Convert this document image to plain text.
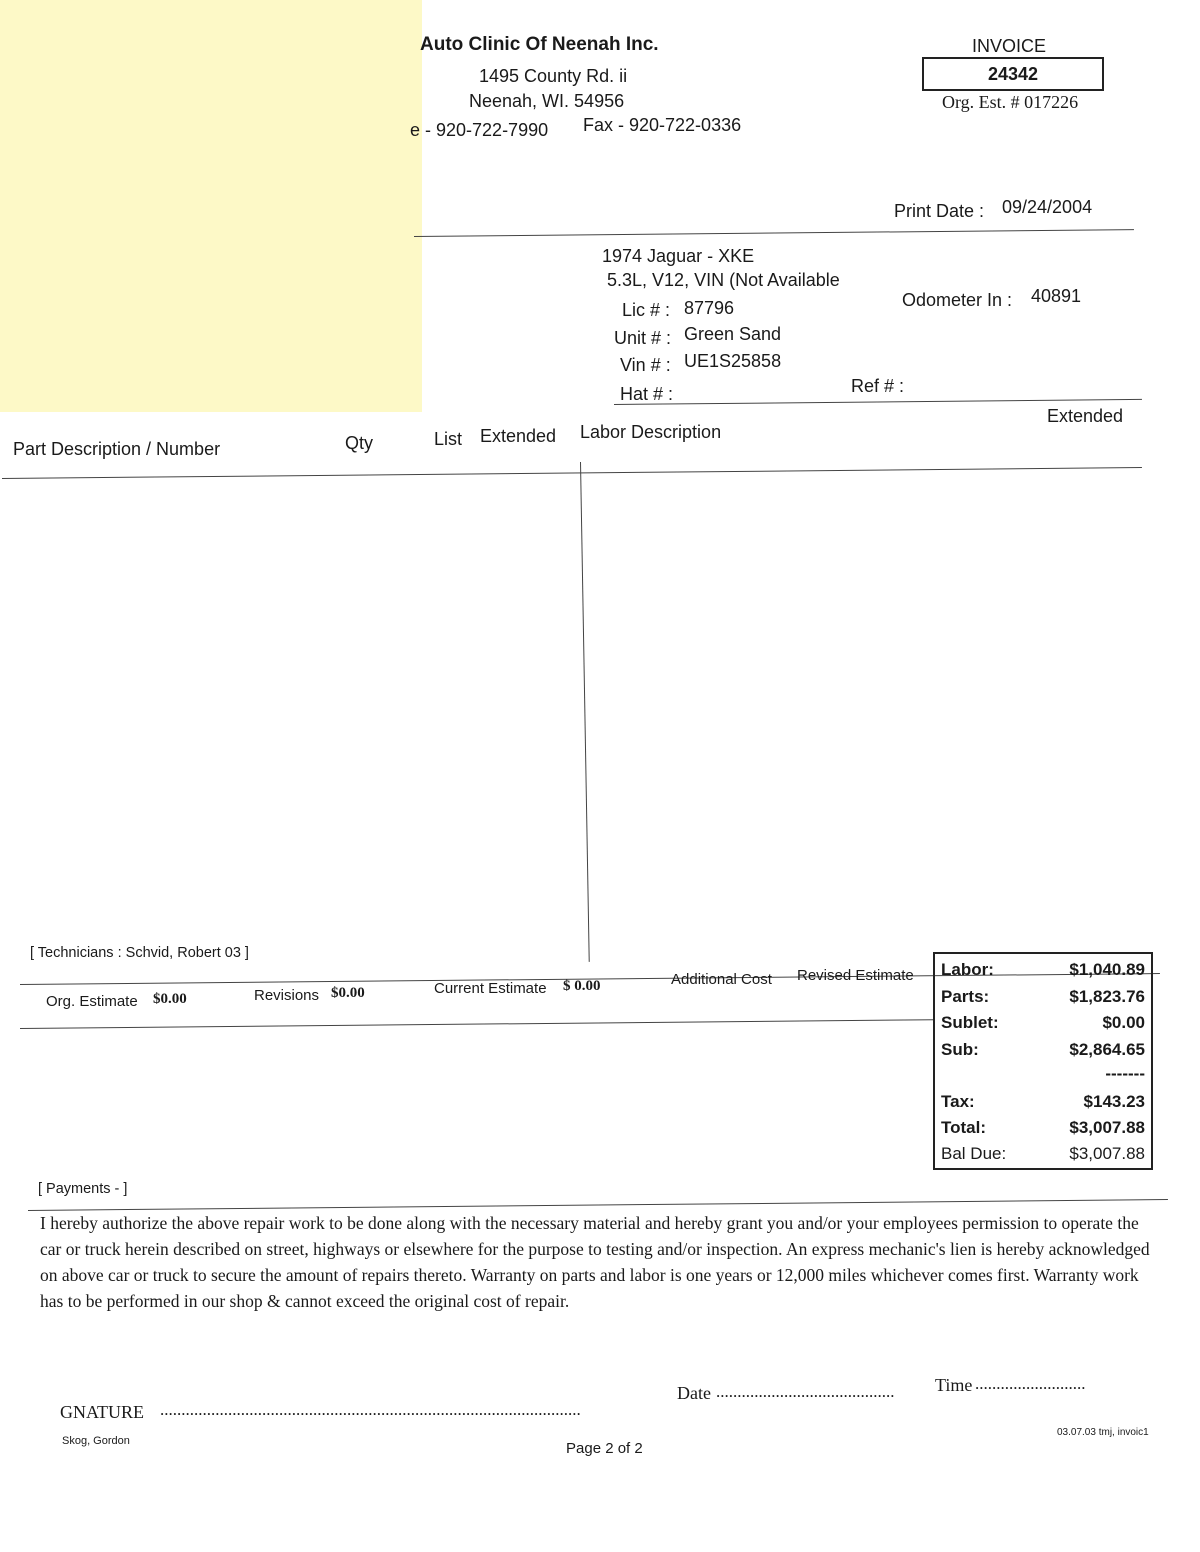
Auto Clinic Of Neenah Inc.
1495 County Rd. ii
Neenah, WI. 54956
e - 920-722-7990 Fax - 920-722-0336
INVOICE
24342
Org. Est. # 017226
Print Date : 09/24/2004
1974 Jaguar - XKE
5.3L, V12, VIN (Not Available
Lic # : 87796
Unit # : Green Sand
Vin # : UE1S25858
Hat # :	Ref # :
Odometer In : 40891
Part Description / Number	Qty	List Extended Labor Description
Extended
[ Technicians : Schvid, Robert 03 ]
Org. Estimate $0.00	Revisions $0.00	Current Estimate $ 0.00	Additional Cost Revised Estimate Labor:	$1,040.89
Parts:	$1,823.76
Sublet:	$0.00
Sub:	$2,864.65
-------
Tax:	$143.23
Total:	$3,007.88
Bal Due:	$3,007.88
[ Payments - ]
I hereby authorize the above repair work to be done along with the necessary material and hereby grant you and/or your employees permission to operate the car or truck herein described on street, highways or elsewhere for the purpose to testing and/or inspection. An express mechanic's lien is hereby acknowledged on above car or truck to secure the amount of repairs thereto. Warranty on parts and labor is one years or 12,000 miles whichever comes first. Warranty work has to be performed in our shop & cannot exceed the original cost of repair.
GNATURE ...................................................................................................
Date ..........................................	Time ..........................
Skog, Gordon	Page 2 of 2
03.07.03 tmj, invoic1
